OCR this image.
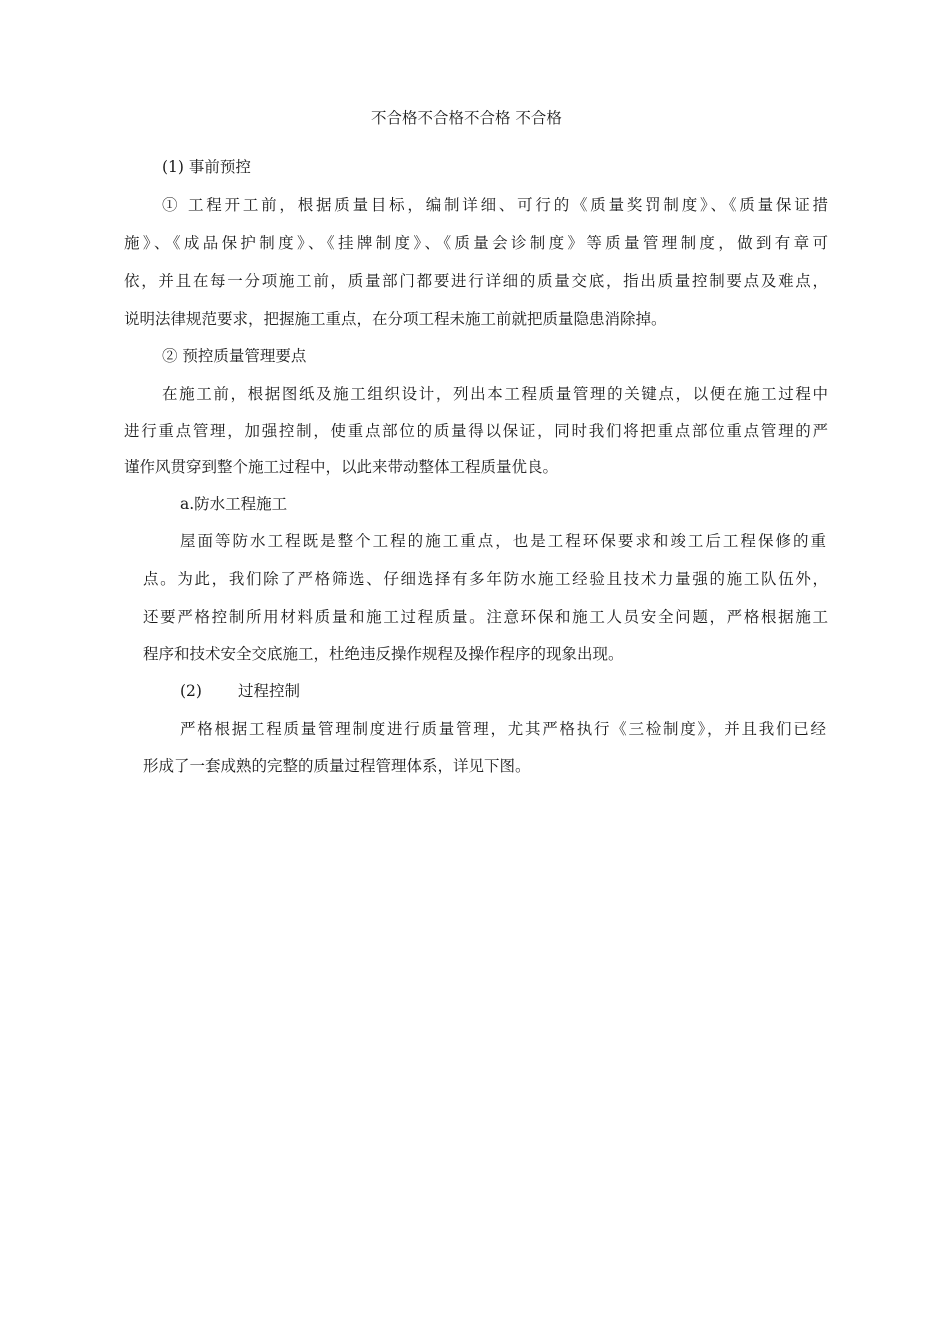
不合格不合格不合格 不合格
(1) 事前预控
① 工程开工前，根据质量目标，编制详细、可行的《质量奖罚制度》、《质量保证措
施》、《成品保护制度》、《挂牌制度》、《质量会诊制度》等质量管理制度，做到有章可
依，并且在每一分项施工前，质量部门都要进行详细的质量交底，指出质量控制要点及难点，
说明法律规范要求，把握施工重点，在分项工程未施工前就把质量隐患消除掉。
② 预控质量管理要点
在施工前，根据图纸及施工组织设计，列出本工程质量管理的关键点，以便在施工过程中
进行重点管理，加强控制，使重点部位的质量得以保证，同时我们将把重点部位重点管理的严
谨作风贯穿到整个施工过程中，以此来带动整体工程质量优良。
a.防水工程施工
屋面等防水工程既是整个工程的施工重点，也是工程环保要求和竣工后工程保修的重
点。为此，我们除了严格筛选、仔细选择有多年防水施工经验且技术力量强的施工队伍外，
还要严格控制所用材料质量和施工过程质量。注意环保和施工人员安全问题，严格根据施工
程序和技术安全交底施工，杜绝违反操作规程及操作程序的现象出现。
(2) 过程控制
严格根据工程质量管理制度进行质量管理，尤其严格执行《三检制度》，并且我们已经
形成了一套成熟的完整的质量过程管理体系，详见下图。
